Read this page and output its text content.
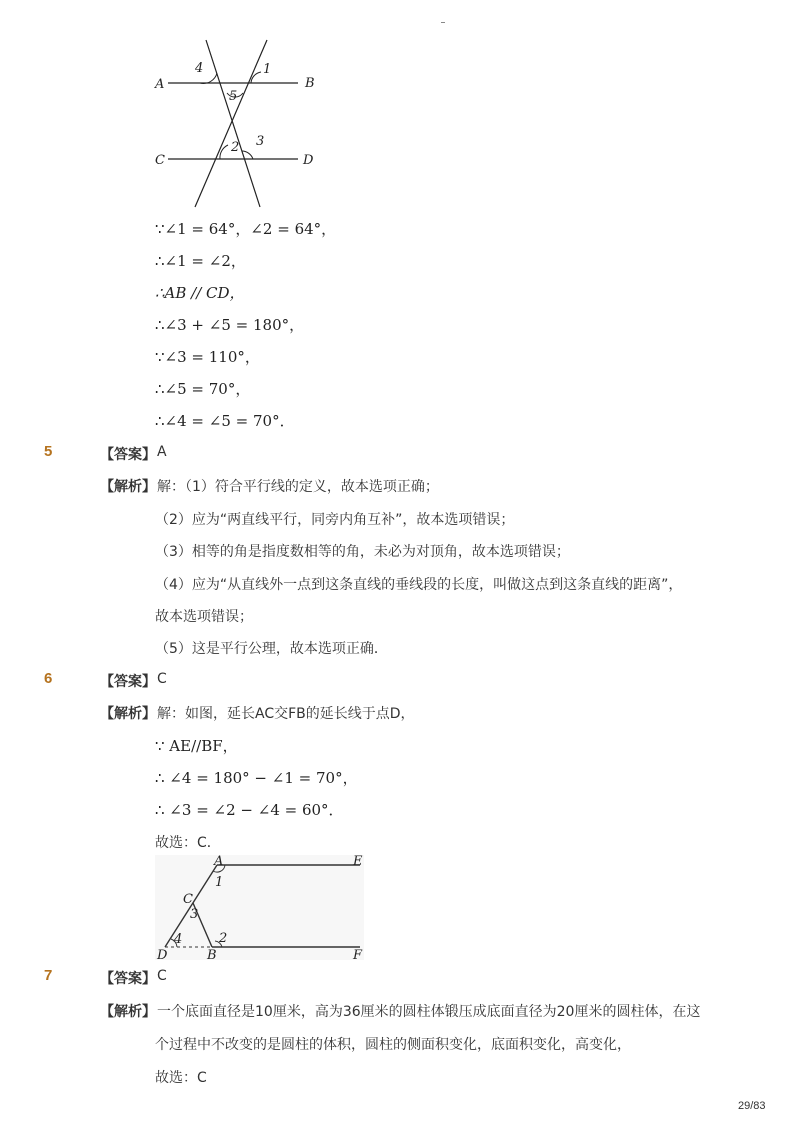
A	B
C	D
4	1
5
2 3
∵∠1 = 64°，∠2 = 64°，
∴∠1 = ∠2，
∴AB // CD，
∴∠3 + ∠5 = 180°，
∵∠3 = 110°，
∴∠5 = 70°，
∴∠4 = ∠5 = 70°．
5	【答案】 A
【解析】 解：（1）符合平行线的定义，故本选项正确；
（2）应为“两直线平行，同旁内角互补”，故本选项错误；
（3）相等的角是指度数相等的角，未必为对顶角，故本选项错误；
（4）应为“从直线外一点到这条直线的垂线段的长度，叫做这点到这条直线的距离”，
故本选项错误；
（5）这是平行公理，故本选项正确．
6	【答案】 C
【解析】 解：如图，延长AC交FB的延长线于点D，
∵ AE//BF，
∴ ∠4 = 180° − ∠1 = 70°，
∴ ∠3 = ∠2 − ∠4 = 60°．
故选：C．
A	E
C
D	B	F
1
2
3
4
7	【答案】 C
【解析】 一个底面直径是10厘米，高为36厘米的圆柱体锻压成底面直径为20厘米的圆柱体，在这
个过程中不改变的是圆柱的体积，圆柱的侧面积变化，底面积变化，高变化，
故选：C
29/83
